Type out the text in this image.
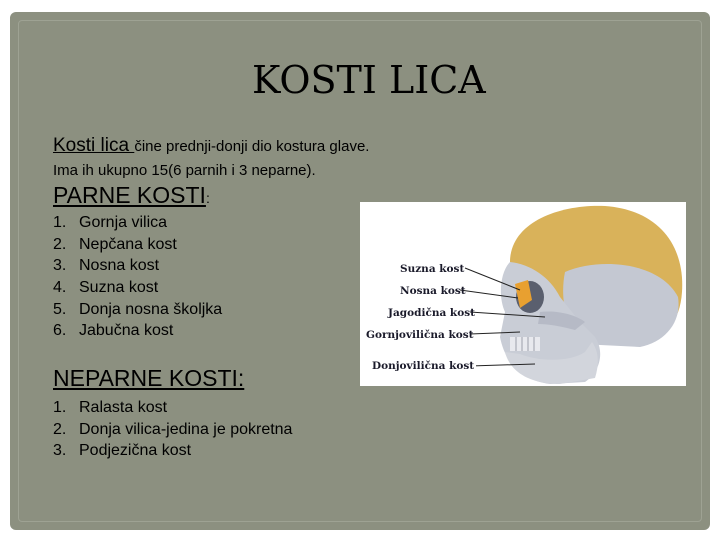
KOSTI LICA
Kosti lica čine prednji-donji dio kostura glave.
Ima ih ukupno 15(6 parnih i 3 neparne).
PARNE KOSTI:
1. Gornja vilica
2. Nepčana kost
3. Nosna kost
4. Suzna kost
5. Donja nosna školjka
6. Jabučna kost
NEPARNE KOSTI:
1. Ralasta kost
2. Donja vilica-jedina je pokretna
3. Podjezična kost
Suzna kost
Nosna kost
Jagodična kost
Gornjovilična kost
Donjovilična kost
